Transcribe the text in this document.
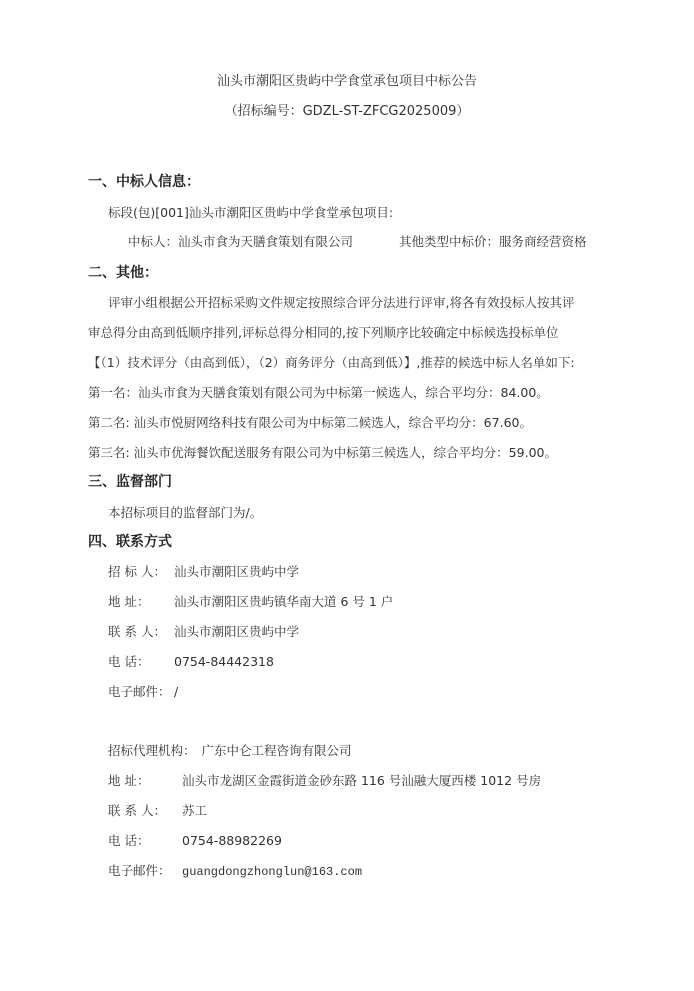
汕头市潮阳区贵屿中学食堂承包项目中标公告
（招标编号：GDZL-ST-ZFCG2025009）
一、中标人信息：
标段(包)[001]汕头市潮阳区贵屿中学食堂承包项目:
中标人：汕头市食为天膳食策划有限公司	其他类型中标价：服务商经营资格
二、其他：
评审小组根据公开招标采购文件规定按照综合评分法进行评审,将各有效投标人按其评
审总得分由高到低顺序排列,评标总得分相同的,按下列顺序比较确定中标候选投标单位
【（1）技术评分（由高到低），（2）商务评分（由高到低）】,推荐的候选中标人名单如下:
第一名：汕头市食为天膳食策划有限公司为中标第一候选人，综合平均分：84.00。
第二名: 汕头市悦厨网络科技有限公司为中标第二候选人，综合平均分：67.60。
第三名: 汕头市优海餐饮配送服务有限公司为中标第三候选人，综合平均分：59.00。
三、监督部门
本招标项目的监督部门为/。
四、联系方式
招 标 人： 汕头市潮阳区贵屿中学
地 址： 汕头市潮阳区贵屿镇华南大道 6 号 1 户
联 系 人： 汕头市潮阳区贵屿中学
电 话： 0754-84442318
电子邮件： /
招标代理机构： 广东中仑工程咨询有限公司
地 址：	汕头市龙湖区金霞街道金砂东路 116 号汕融大厦西楼 1012 号房
联 系 人： 苏工
电 话：	0754-88982269
电子邮件： guangdongzhonglun@163.com
